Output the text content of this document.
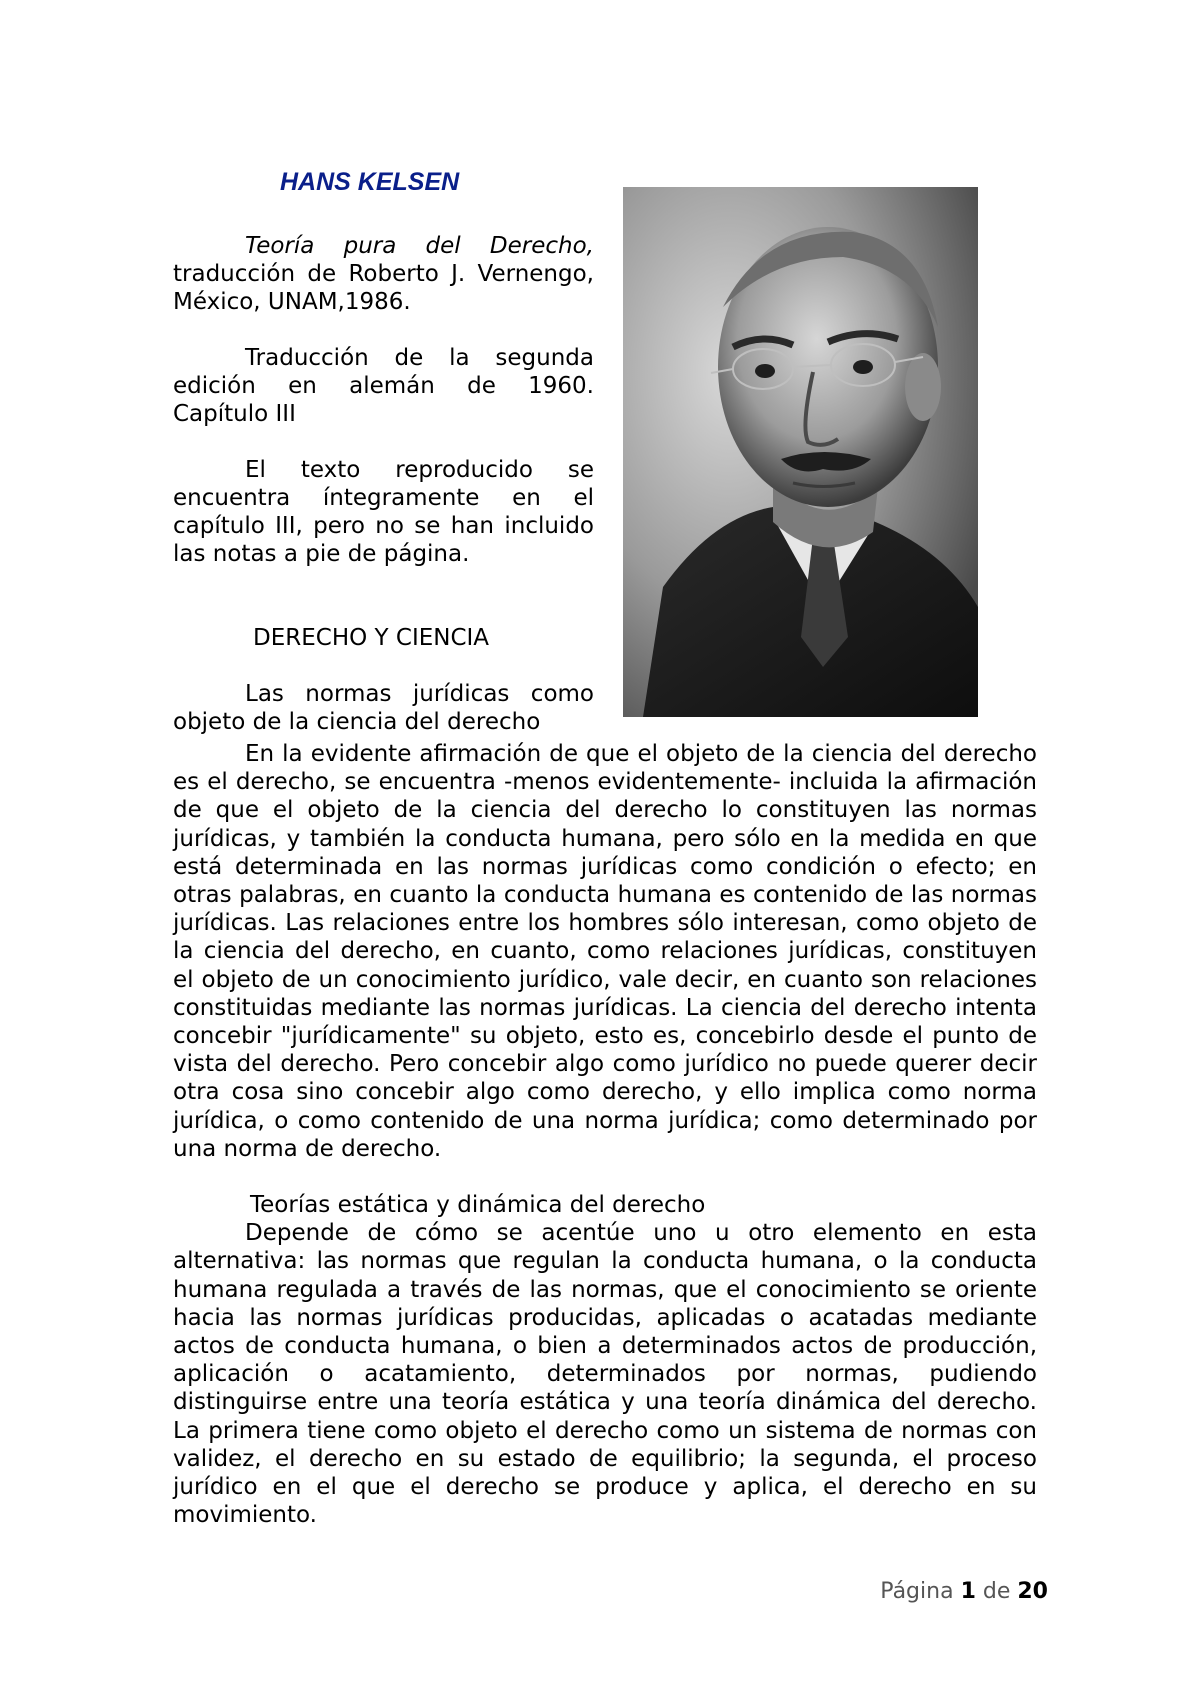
HANS KELSEN

Teoría pura del Derecho, traducción de Roberto J. Vernengo, México, UNAM,1986.

Traducción de la segunda edición en alemán de 1960. Capítulo III

El texto reproducido se encuentra íntegramente en el capítulo III, pero no se han incluido las notas a pie de página.

DERECHO Y CIENCIA

Las normas jurídicas como objeto de la ciencia del derecho

En la evidente afirmación de que el objeto de la ciencia del derecho es el derecho, se encuentra -menos evidentemente- incluida la afirmación de que el objeto de la ciencia del derecho lo constituyen las normas jurídicas, y también la conducta humana, pero sólo en la medida en que está determinada en las normas jurídicas como condición o efecto; en otras palabras, en cuanto la conducta humana es contenido de las normas jurídicas. Las relaciones entre los hombres sólo interesan, como objeto de la ciencia del derecho, en cuanto, como relaciones jurídicas, constituyen el objeto de un conocimiento jurídico, vale decir, en cuanto son relaciones constituidas mediante las normas jurídicas. La ciencia del derecho intenta concebir "jurídicamente" su objeto, esto es, concebirlo desde el punto de vista del derecho. Pero concebir algo como jurídico no puede querer decir otra cosa sino concebir algo como derecho, y ello implica como norma jurídica, o como contenido de una norma jurídica; como determinado por una norma de derecho.

Teorías estática y dinámica del derecho

Depende de cómo se acentúe uno u otro elemento en esta alternativa: las normas que regulan la conducta humana, o la conducta humana regulada a través de las normas, que el conocimiento se oriente hacia las normas jurídicas producidas, aplicadas o acatadas mediante actos de conducta humana, o bien a determinados actos de producción, aplicación o acatamiento, determinados por normas, pudiendo distinguirse entre una teoría estática y una teoría dinámica del derecho. La primera tiene como objeto el derecho como un sistema de normas con validez, el derecho en su estado de equilibrio; la segunda, el proceso jurídico en el que el derecho se produce y aplica, el derecho en su movimiento.

Página 1 de 20
